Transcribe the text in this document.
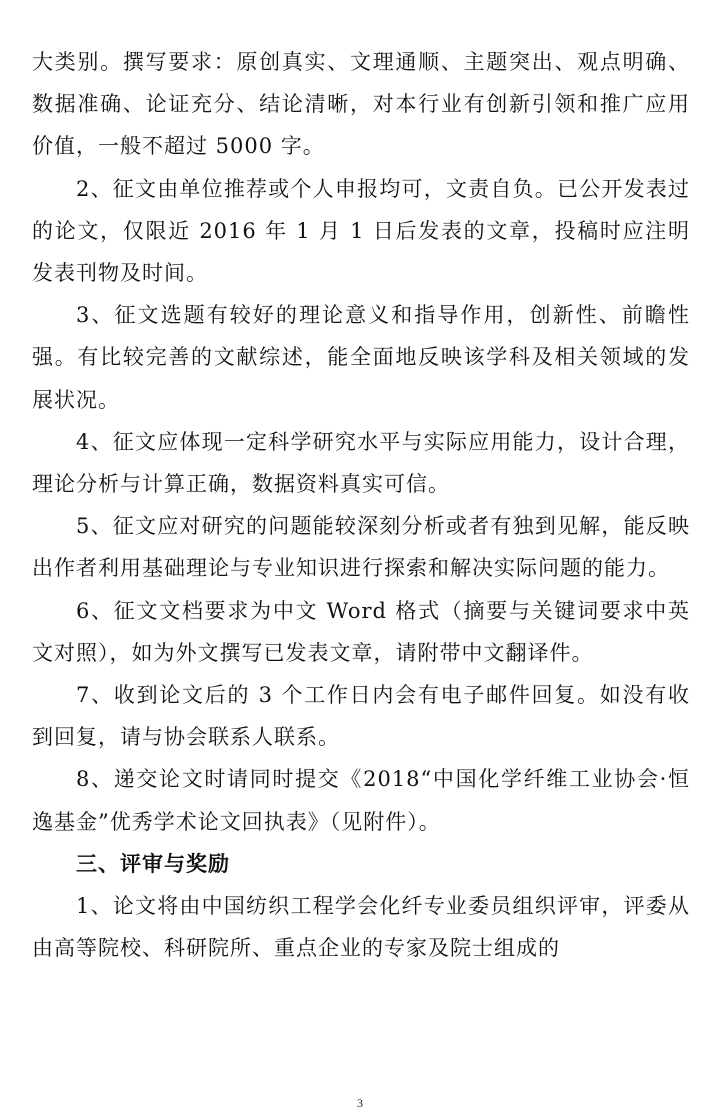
大类别。撰写要求：原创真实、文理通顺、主题突出、观点明确、数据准确、论证充分、结论清晰，对本行业有创新引领和推广应用价值，一般不超过 5000 字。

2、征文由单位推荐或个人申报均可，文责自负。已公开发表过的论文，仅限近 2016 年 1 月 1 日后发表的文章，投稿时应注明发表刊物及时间。

3、征文选题有较好的理论意义和指导作用，创新性、前瞻性强。有比较完善的文献综述，能全面地反映该学科及相关领域的发展状况。

4、征文应体现一定科学研究水平与实际应用能力，设计合理，理论分析与计算正确，数据资料真实可信。

5、征文应对研究的问题能较深刻分析或者有独到见解，能反映出作者利用基础理论与专业知识进行探索和解决实际问题的能力。

6、征文文档要求为中文 Word 格式（摘要与关键词要求中英文对照），如为外文撰写已发表文章，请附带中文翻译件。

7、收到论文后的 3 个工作日内会有电子邮件回复。如没有收到回复，请与协会联系人联系。

8、递交论文时请同时提交《2018“中国化学纤维工业协会·恒逸基金”优秀学术论文回执表》（见附件）。

三、评审与奖励

1、论文将由中国纺织工程学会化纤专业委员组织评审，评委从由高等院校、科研院所、重点企业的专家及院士组成的

3
